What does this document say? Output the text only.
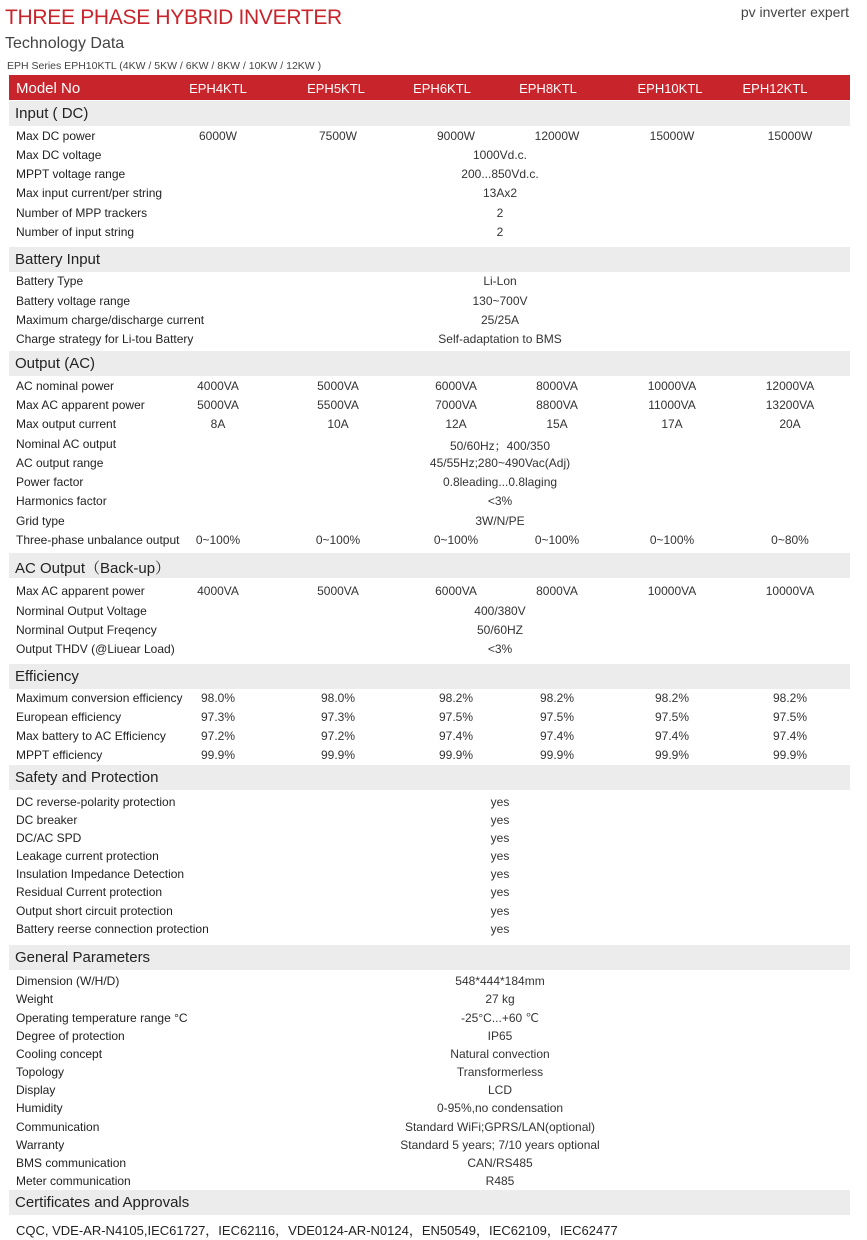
THREE PHASE HYBRID INVERTER	pv inverter expert
Technology Data
EPH Series EPH10KTL (4KW / 5KW / 6KW / 8KW / 10KW / 12KW )
Model No	EPH4KTL	EPH5KTL	EPH6KTL	EPH8KTL	EPH10KTL	EPH12KTL
Input ( DC)
Max DC power	6000W	7500W	9000W	12000W	15000W	15000W
Max DC voltage	1000Vd.c.
MPPT voltage range	200...850Vd.c.
Max input current/per string	13Ax2
Number of MPP trackers	2
Number of input string	2
Battery Input
Battery Type	Li-Lon
Battery voltage range	130~700V
Maximum charge/discharge current	25/25A
Charge strategy for Li-tou Battery	Self-adaptation to BMS
Output (AC)
AC nominal power	4000VA	5000VA	6000VA	8000VA	10000VA	12000VA
Max AC apparent power	5000VA	5500VA	7000VA	8800VA	11000VA	13200VA
Max output current	8A	10A	12A	15A	17A	20A
Nominal AC output	50/60Hz；400/350
AC output range	45/55Hz;280~490Vac(Adj)
Power factor	0.8leading...0.8laging
Harmonics factor	<3%
Grid type	3W/N/PE
Three-phase unbalance output 0~100%	0~100%	0~100%	0~100%	0~100%	0~80%
AC Output（Back-up）
Max AC apparent power	4000VA	5000VA	6000VA	8000VA	10000VA	10000VA
Norminal Output Voltage	400/380V
Norminal Output Freqency	50/60HZ
Output THDV (@Liuear Load)	<3%
Efficiency
Maximum conversion efficiency 98.0%	98.0%	98.2%	98.2%	98.2%	98.2%
European efficiency	97.3%	97.3%	97.5%	97.5%	97.5%	97.5%
Max battery to AC Efficiency	97.2%	97.2%	97.4%	97.4%	97.4%	97.4%
MPPT efficiency	99.9%	99.9%	99.9%	99.9%	99.9%	99.9%
Safety and Protection
DC reverse-polarity protection	yes
DC breaker	yes
DC/AC SPD	yes
Leakage current protection	yes
Insulation Impedance Detection	yes
Residual Current protection	yes
Output short circuit protection	yes
Battery reerse connection protection	yes
General Parameters
Dimension (W/H/D)	548*444*184mm
Weight	27 kg
Operating temperature range °C	-25°C...+60 ℃
Degree of protection	IP65
Cooling concept	Natural convection
Topology	Transformerless
Display	LCD
Humidity	0-95%,no condensation
Communication	Standard WiFi;GPRS/LAN(optional)
Warranty	Standard 5 years; 7/10 years optional
BMS communication	CAN/RS485
Meter communication	R485
Certificates and Approvals
CQC, VDE-AR-N4105,IEC61727，IEC62116，VDE0124-AR-N0124，EN50549，IEC62109，IEC62477
